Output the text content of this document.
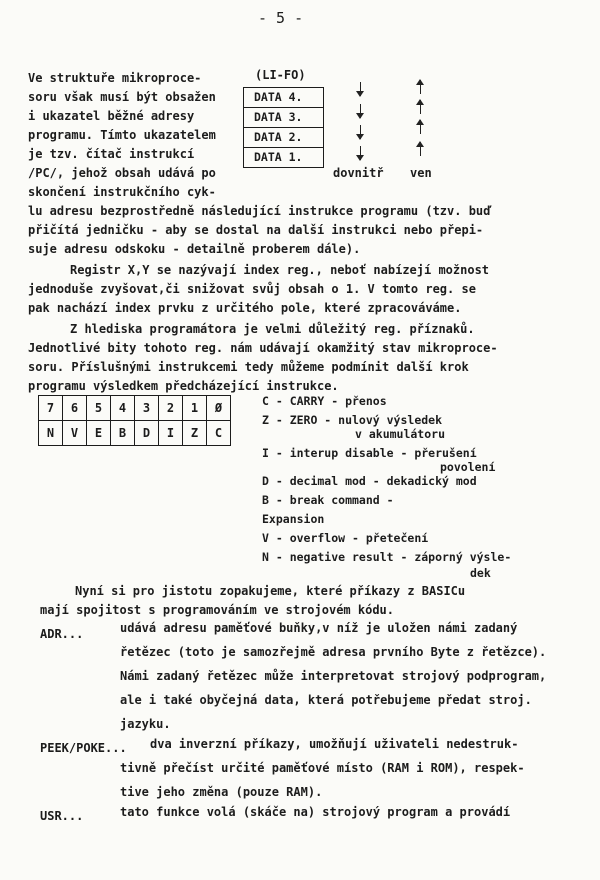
- 5 -
Ve struktuře mikroproce-
soru však musí být obsažen
i ukazatel běžné adresy
programu. Tímto ukazatelem
je tzv. čítač instrukcí
/PC/, jehož obsah udává po
skončení instrukčního cyk-
lu adresu bezprostředně následující instrukce programu (tzv. buď
přičítá jedničku - aby se dostal na další instrukci nebo přepi-
suje adresu odskoku - detailně proberem dále).
(LI-FO)
DATA 4.
DATA 3.
DATA 2.
DATA 1.
dovnitř ven
Registr X,Y se nazývají index reg., neboť nabízejí možnost
jednoduše zvyšovat,či snižovat svůj obsah o 1. V tomto reg. se
pak nachází index prvku z určitého pole, které zpracováváme.
Z hlediska programátora je velmi důležitý reg. příznaků.
Jednotlivé bity tohoto reg. nám udávají okamžitý stav mikroproce-
soru. Příslušnými instrukcemi tedy můžeme podmínit další krok
programu výsledkem předcházející instrukce.
7	6	5	4	3	2	1	Ø
N	V	E	B	D	I	Z	C
C - CARRY - přenos
Z - ZERO - nulový výsledek
v akumulátoru
I - interup disable - přerušení
povolení
D - decimal mod - dekadický mod
B - break command -
Expansion
V - overflow - přetečení
N - negative result - záporný výsle-
dek
Nyní si pro jistotu zopakujeme, které příkazy z BASICu
mají spojitost s programováním ve strojovém kódu.
ADR...	udává adresu paměťové buňky,v níž je uložen námi zadaný
řetězec (toto je samozřejmě adresa prvního Byte z řetězce).
Námi zadaný řetězec může interpretovat strojový podprogram,
ale i také obyčejná data, která potřebujeme předat stroj.
jazyku.
PEEK/POKE... dva inverzní příkazy, umožňují uživateli nedestruk-
tivně přečíst určité paměťové místo (RAM i ROM), respek-
tive jeho změna (pouze RAM).
USR...	tato funkce volá (skáče na) strojový program a provádí
